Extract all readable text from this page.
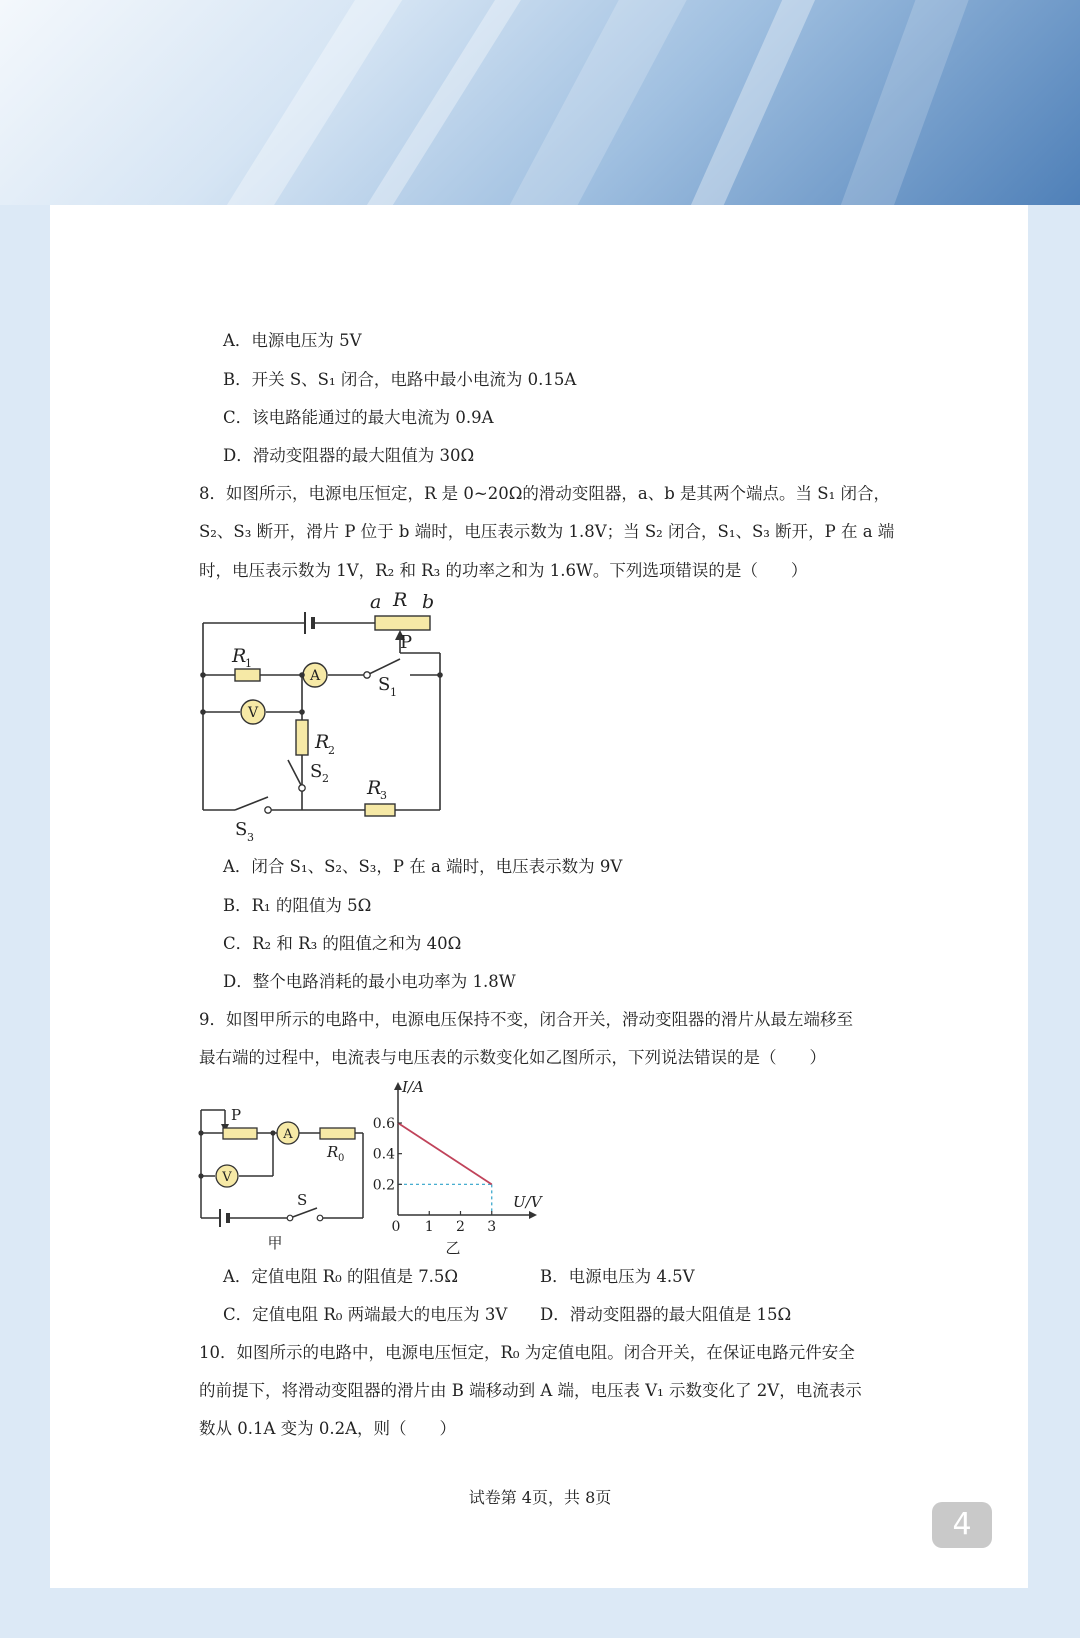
A．电源电压为 5V
B．开关 S、S₁ 闭合，电路中最小电流为 0.15A
C．该电路能通过的最大电流为 0.9A
D．滑动变阻器的最大阻值为 30Ω
8．如图所示，电源电压恒定，R 是 0~20Ω的滑动变阻器，a、b 是其两个端点。当 S₁ 闭合，
S₂、S₃ 断开，滑片 P 位于 b 端时，电压表示数为 1.8V；当 S₂ 闭合，S₁、S₃ 断开，P 在 a 端
时，电压表示数为 1V，R₂ 和 R₃ 的功率之和为 1.6W。下列选项错误的是（　　）
A
V
a R b
R
R
R
1
2
3
P
S
S
S
1
2
3
A．闭合 S₁、S₂、S₃，P 在 a 端时，电压表示数为 9V
B．R₁ 的阻值为 5Ω
C．R₂ 和 R₃ 的阻值之和为 40Ω
D．整个电路消耗的最小电功率为 1.8W
9．如图甲所示的电路中，电源电压保持不变，闭合开关，滑动变阻器的滑片从最左端移至
最右端的过程中，电流表与电压表的示数变化如乙图所示，下列说法错误的是（　　）
A
V
P
R 0
S
甲
0 1 2 3
0.2
0.4
0.6
I/A
U/V
乙
A．定值电阻 R₀ 的阻值是 7.5Ω	B．电源电压为 4.5V
C．定值电阻 R₀ 两端最大的电压为 3V D．滑动变阻器的最大阻值是 15Ω
10．如图所示的电路中，电源电压恒定，R₀ 为定值电阻。闭合开关，在保证电路元件安全
的前提下，将滑动变阻器的滑片由 B 端移动到 A 端，电压表 V₁ 示数变化了 2V，电流表示
数从 0.1A 变为 0.2A，则（　　）
试卷第 4页，共 8页
4
